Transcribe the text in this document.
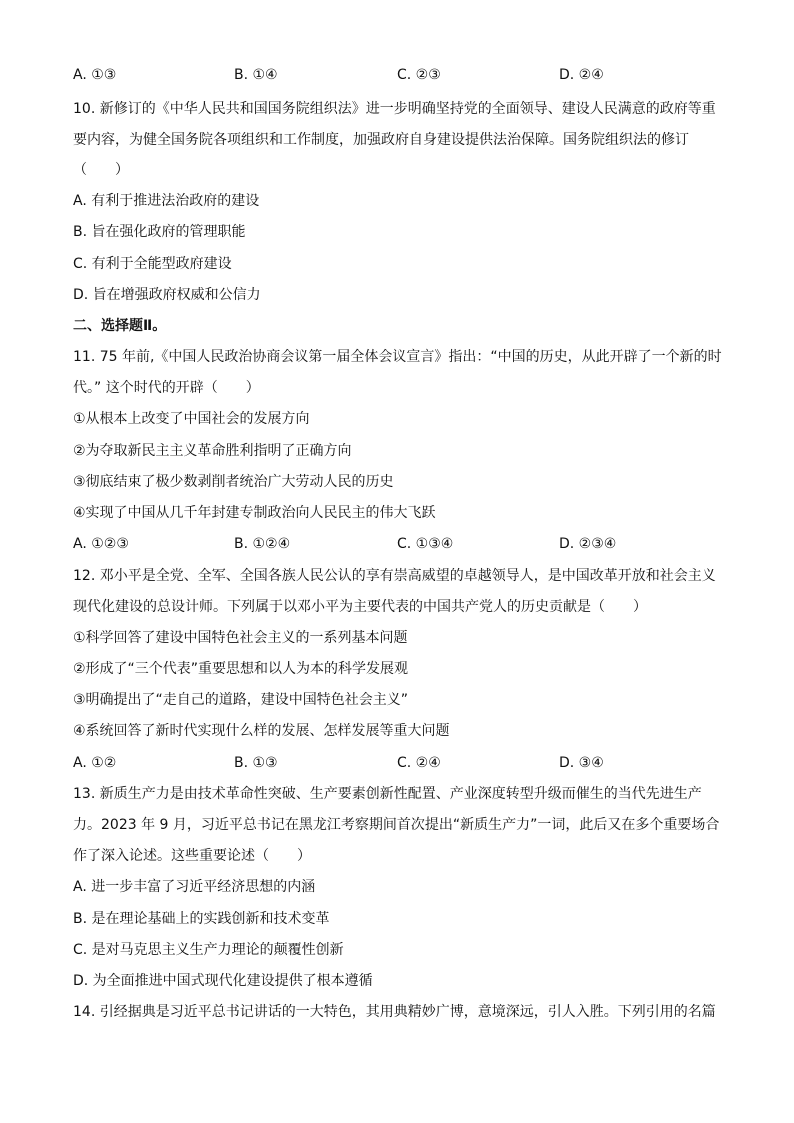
A. ①③	B. ①④	C. ②③	D. ②④
10. 新修订的《中华人民共和国国务院组织法》进一步明确坚持党的全面领导、建设人民满意的政府等重
要内容，为健全国务院各项组织和工作制度，加强政府自身建设提供法治保障。国务院组织法的修订
（　　）
A. 有利于推进法治政府的建设
B. 旨在强化政府的管理职能
C. 有利于全能型政府建设
D. 旨在增强政府权威和公信力
二、选择题Ⅱ。
11. 75 年前,《中国人民政治协商会议第一届全体会议宣言》指出：“中国的历史，从此开辟了一个新的时
代。” 这个时代的开辟（　　）
①从根本上改变了中国社会的发展方向
②为夺取新民主主义革命胜利指明了正确方向
③彻底结束了极少数剥削者统治广大劳动人民的历史
④实现了中国从几千年封建专制政治向人民民主的伟大飞跃
A. ①②③	B. ①②④	C. ①③④	D. ②③④
12. 邓小平是全党、全军、全国各族人民公认的享有崇高威望的卓越领导人，是中国改革开放和社会主义
现代化建设的总设计师。下列属于以邓小平为主要代表的中国共产党人的历史贡献是（　　）
①科学回答了建设中国特色社会主义的一系列基本问题
②形成了“三个代表”重要思想和以人为本的科学发展观
③明确提出了“走自己的道路，建设中国特色社会主义”
④系统回答了新时代实现什么样的发展、怎样发展等重大问题
A. ①②	B. ①③	C. ②④	D. ③④
13. 新质生产力是由技术革命性突破、生产要素创新性配置、产业深度转型升级而催生的当代先进生产
力。2023 年 9 月，习近平总书记在黑龙江考察期间首次提出“新质生产力”一词，此后又在多个重要场合
作了深入论述。这些重要论述（　　）
A. 进一步丰富了习近平经济思想的内涵
B. 是在理论基础上的实践创新和技术变革
C. 是对马克思主义生产力理论的颠覆性创新
D. 为全面推进中国式现代化建设提供了根本遵循
14. 引经据典是习近平总书记讲话的一大特色，其用典精妙广博，意境深远，引人入胜。下列引用的名篇
